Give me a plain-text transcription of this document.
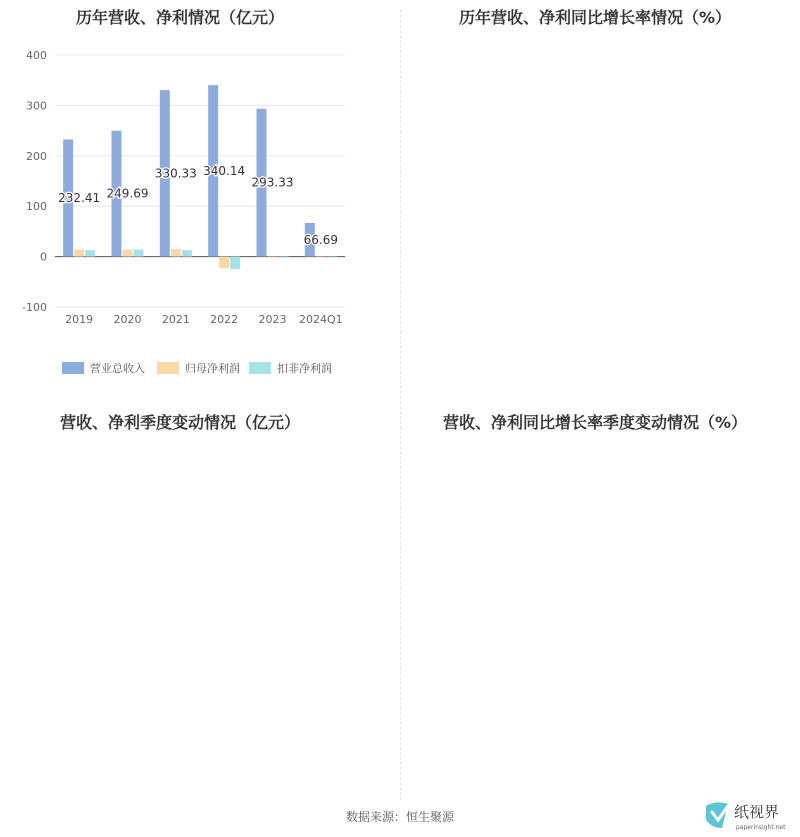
历年营收、净利情况（亿元）
-100
0
100
200
300
400
2019 2020 2021 2022 2023 2024Q1
232.41 249.69
330.33 340.14
293.33
66.69
营业总收入	归母净利润	扣非净利润
历年营收、净利同比增长率情况（%）
营收、净利季度变动情况（亿元）	营收、净利同比增长率季度变动情况（%）
数据来源：恒生聚源	纸视界
paperinsight.net
